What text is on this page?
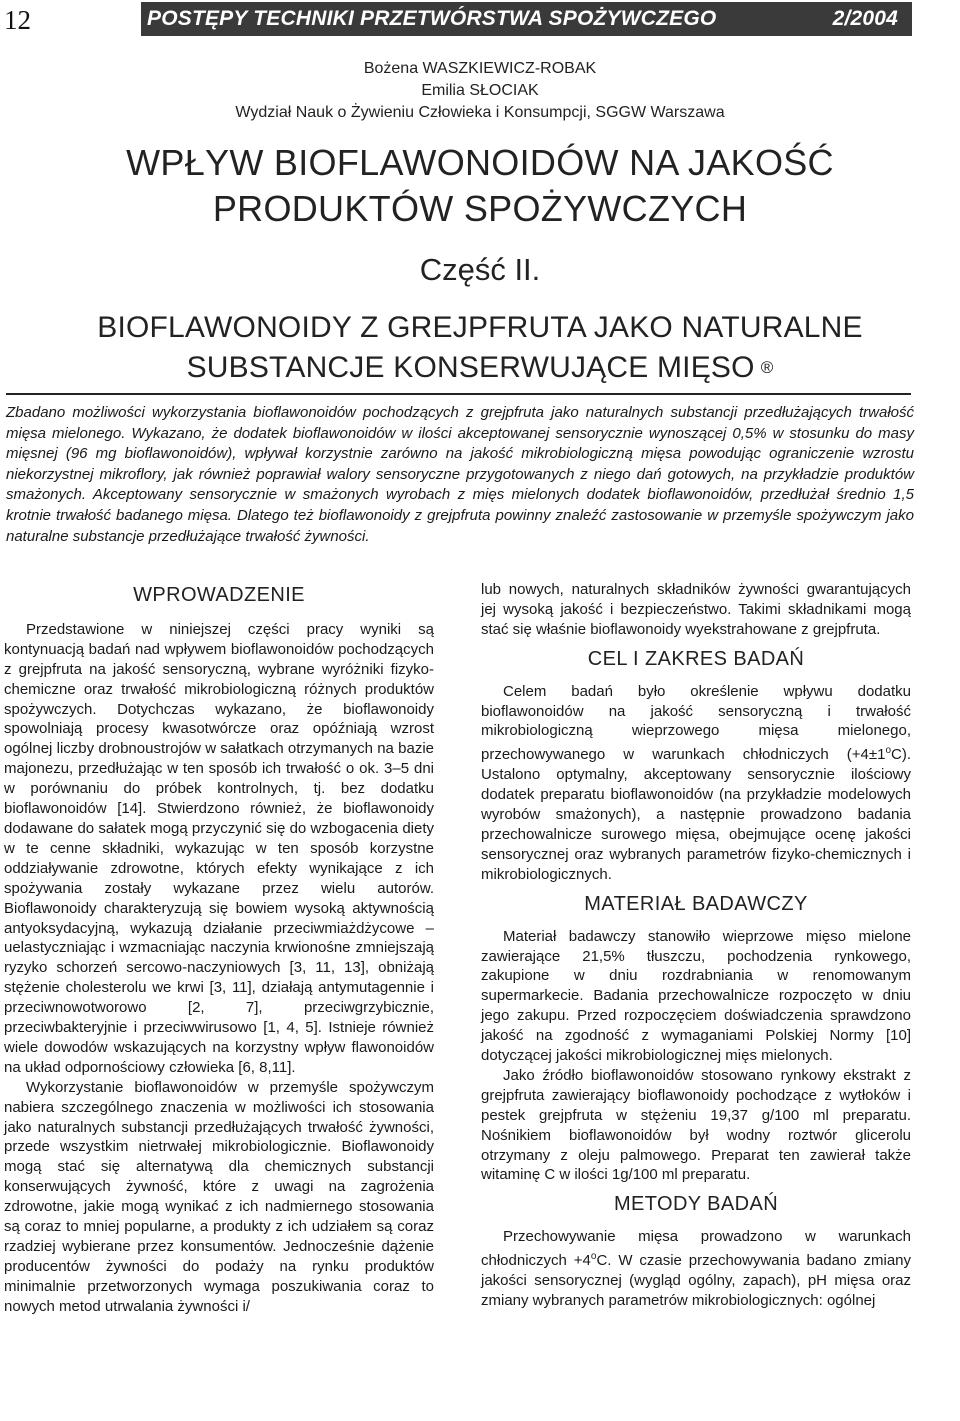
12	POSTĘPY TECHNIKI PRZETWÓRSTWA SPOŻYWCZEGO	2/2004
Bożena WASZKIEWICZ-ROBAK
Emilia SŁOCIAK
Wydział Nauk o Żywieniu Człowieka i Konsumpcji, SGGW Warszawa
WPŁYW BIOFLAWONOIDÓW NA JAKOŚĆ
PRODUKTÓW SPOŻYWCZYCH
Część II.
BIOFLAWONOIDY Z GREJPFRUTA JAKO NATURALNE
SUBSTANCJE KONSERWUJĄCE MIĘSO ®
Zbadano możliwości wykorzystania bioflawonoidów pochodzących z grejpfruta jako naturalnych substancji przedłużających trwałość mięsa mielonego. Wykazano, że dodatek bioflawonoidów w ilości akceptowanej sensorycznie wynoszącej 0,5% w stosunku do masy mięsnej (96 mg bioflawonoidów), wpływał korzystnie zarówno na jakość mikrobiologiczną mięsa powodując ograniczenie wzrostu niekorzystnej mikroflory, jak również poprawiał walory sensoryczne przygotowanych z niego dań gotowych, na przykładzie produktów smażonych. Akceptowany sensorycznie w smażonych wyrobach z mięs mielonych dodatek bioflawonoidów, przedłużał średnio 1,5 krotnie trwałość badanego mięsa. Dlatego też bioflawonoidy z grejpfruta powinny znaleźć zastosowanie w przemyśle spożywczym jako naturalne substancje przedłużające trwałość żywności.
WPROWADZENIE

Przedstawione w niniejszej części pracy wyniki są kontynuacją badań nad wpływem bioflawonoidów pochodzących z grejpfruta na jakość sensoryczną, wybrane wyróżniki fizyko-chemiczne oraz trwałość mikrobiologiczną różnych produktów spożywczych. Dotychczas wykazano, że bioflawonoidy spowolniają procesy kwasotwórcze oraz opóźniają wzrost ogólnej liczby drobnoustrojów w sałatkach otrzymanych na bazie majonezu, przedłużając w ten sposób ich trwałość o ok. 3–5 dni w porównaniu do próbek kontrolnych, tj. bez dodatku bioflawonoidów [14]. Stwierdzono również, że bioflawonoidy dodawane do sałatek mogą przyczynić się do wzbogacenia diety w te cenne składniki, wykazując w ten sposób korzystne oddziaływanie zdrowotne, których efekty wynikające z ich spożywania zostały wykazane przez wielu autorów. Bioflawonoidy charakteryzują się bowiem wysoką aktywnością antyoksydacyjną, wykazują działanie przeciwmiażdżycowe – uelastyczniając i wzmacniając naczynia krwionośne zmniejszają ryzyko schorzeń sercowo-naczyniowych [3, 11, 13], obniżają stężenie cholesterolu we krwi [3, 11], działają antymutagennie i przeciwnowotworowo [2, 7], przeciwgrzybicznie, przeciwbakteryjnie i przeciwwirusowo [1, 4, 5]. Istnieje również wiele dowodów wskazujących na korzystny wpływ flawonoidów na układ odpornościowy człowieka [6, 8,11].

Wykorzystanie bioflawonoidów w przemyśle spożywczym nabiera szczególnego znaczenia w możliwości ich stosowania jako naturalnych substancji przedłużających trwałość żywności, przede wszystkim nietrwałej mikrobiologicznie. Bioflawonoidy mogą stać się alternatywą dla chemicznych substancji konserwujących żywność, które z uwagi na zagrożenia zdrowotne, jakie mogą wynikać z ich nadmiernego stosowania są coraz to mniej popularne, a produkty z ich udziałem są coraz rzadziej wybierane przez konsumentów. Jednocześnie dążenie producentów żywności do podaży na rynku produktów minimalnie przetworzonych wymaga poszukiwania coraz to nowych metod utrwalania żywności i/

lub nowych, naturalnych składników żywności gwarantujących jej wysoką jakość i bezpieczeństwo. Takimi składnikami mogą stać się właśnie bioflawonoidy wyekstrahowane z grejpfruta.

CEL I ZAKRES BADAŃ

Celem badań było określenie wpływu dodatku bioflawonoidów na jakość sensoryczną i trwałość mikrobiologiczną wieprzowego mięsa mielonego, przechowywanego w warunkach chłodniczych $(+4\pm 1^oC)$. Ustalono optymalny, akceptowany sensorycznie ilościowy dodatek preparatu bioflawonoidów (na przykładzie modelowych wyrobów smażonych), a następnie prowadzono badania przechowalnicze surowego mięsa, obejmujące ocenę jakości sensorycznej oraz wybranych parametrów fizyko-chemicznych i mikrobiologicznych.

MATERIAŁ BADAWCZY

Materiał badawczy stanowiło wieprzowe mięso mielone zawierające 21,5% tłuszczu, pochodzenia rynkowego, zakupione w dniu rozdrabniania w renomowanym supermarkecie. Badania przechowalnicze rozpoczęto w dniu jego zakupu. Przed rozpoczęciem doświadczenia sprawdzono jakość na zgodność z wymaganiami Polskiej Normy [10] dotyczącej jakości mikrobiologicznej mięs mielonych.

Jako źródło bioflawonoidów stosowano rynkowy ekstrakt z grejpfruta zawierający bioflawonoidy pochodzące z wytłoków i pestek grejpfruta w stężeniu 19,37 g/100 ml preparatu. Nośnikiem bioflawonoidów był wodny roztwór glicerolu otrzymany z oleju palmowego. Preparat ten zawierał także witaminę C w ilości 1g/100 ml preparatu.

METODY BADAŃ

Przechowywanie mięsa prowadzono w warunkach chłodniczych $+4^oC$. W czasie przechowywania badano zmiany jakości sensorycznej (wygląd ogólny, zapach), pH mięsa oraz zmiany wybranych parametrów mikrobiologicznych: ogólnej
